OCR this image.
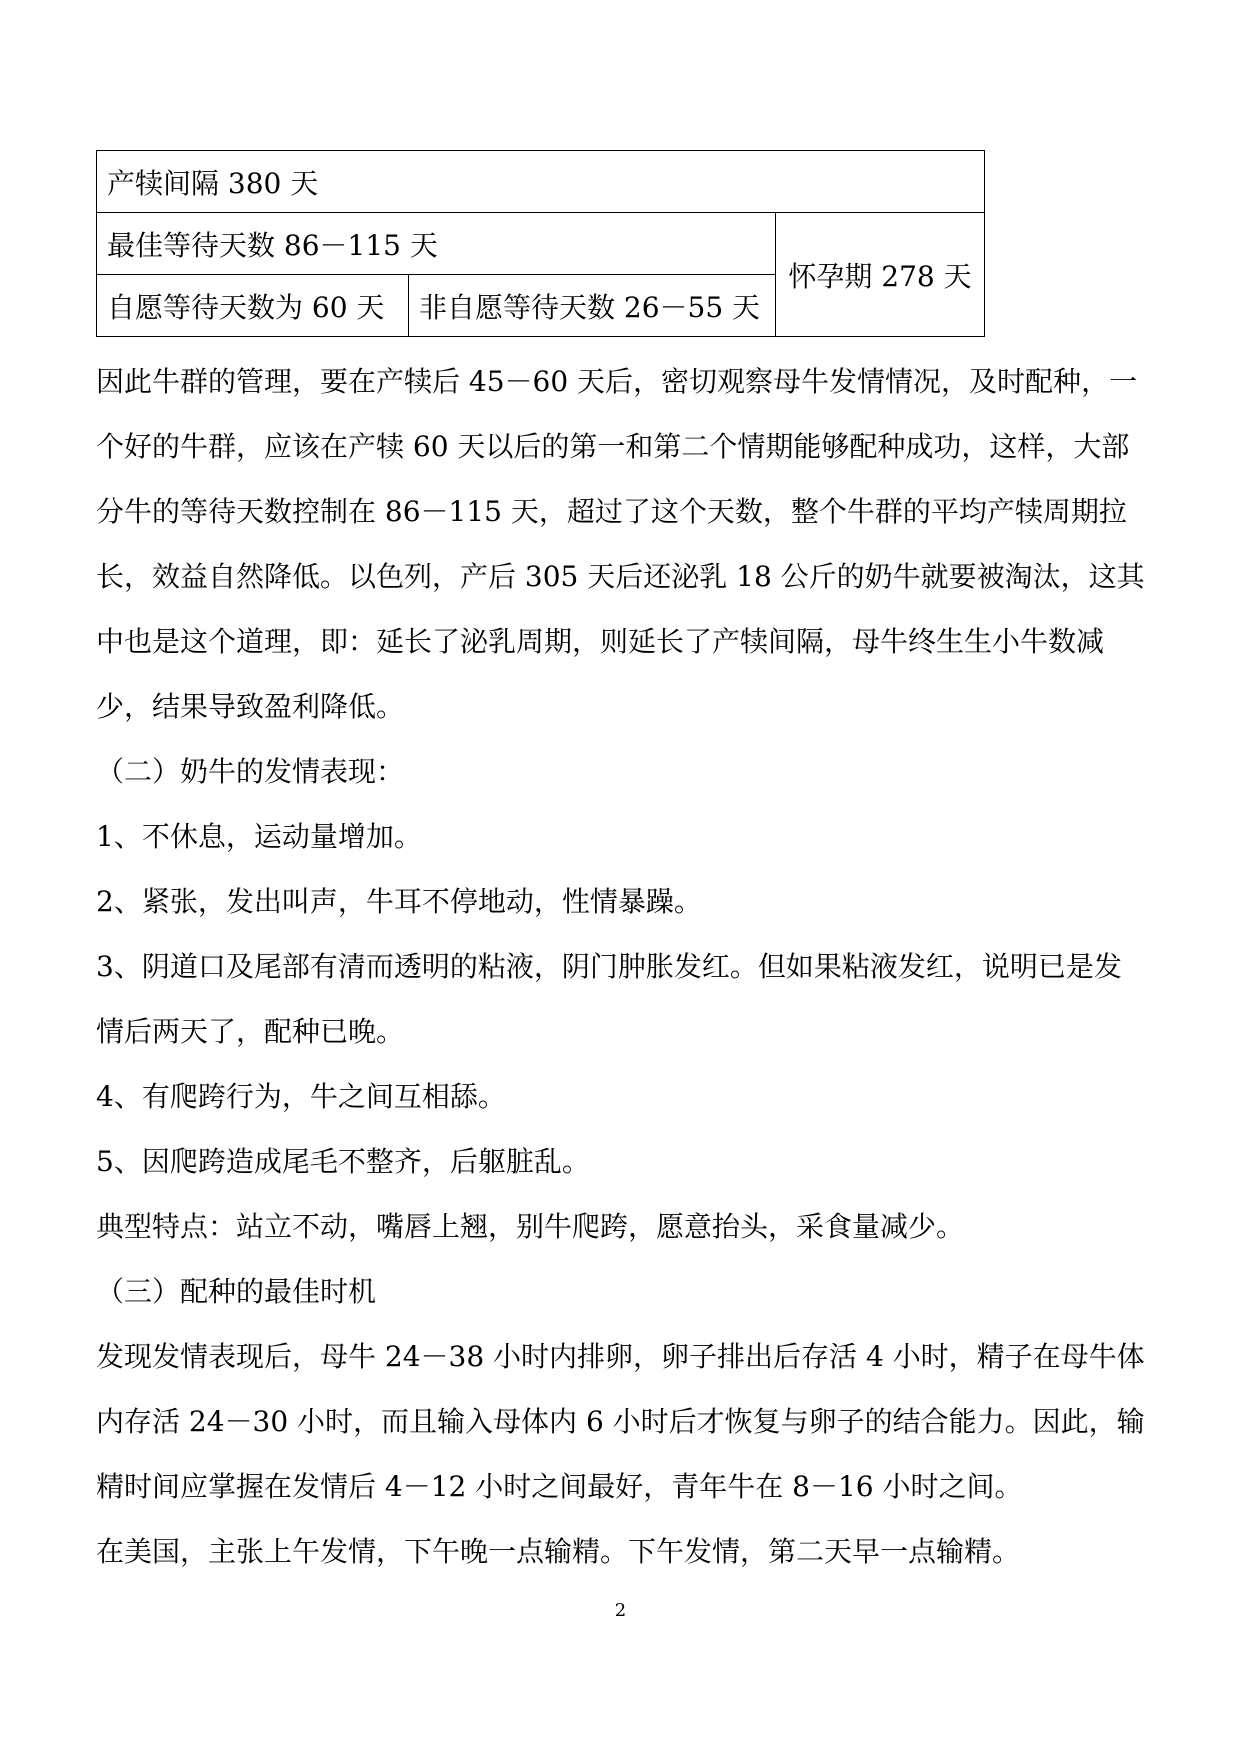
产犊间隔 380 天		
最佳等待天数 86－115 天		怀孕期 278 天
自愿等待天数为 60 天	非自愿等待天数 26－55 天	

因此牛群的管理，要在产犊后 45－60 天后，密切观察母牛发情情况，及时配种，一个好的牛群，应该在产犊 60 天以后的第一和第二个情期能够配种成功，这样，大部分牛的等待天数控制在 86－115 天，超过了这个天数，整个牛群的平均产犊周期拉长，效益自然降低。以色列，产后 305 天后还泌乳 18 公斤的奶牛就要被淘汰，这其中也是这个道理，即：延长了泌乳周期，则延长了产犊间隔，母牛终生生小牛数减少，结果导致盈利降低。

（二）奶牛的发情表现：

1、不休息，运动量增加。

2、紧张，发出叫声，牛耳不停地动，性情暴躁。

3、阴道口及尾部有清而透明的粘液，阴门肿胀发红。但如果粘液发红，说明已是发情后两天了，配种已晚。

4、有爬跨行为，牛之间互相舔。

5、因爬跨造成尾毛不整齐，后躯脏乱。

典型特点：站立不动，嘴唇上翘，别牛爬跨，愿意抬头，采食量减少。

（三）配种的最佳时机

发现发情表现后，母牛 24－38 小时内排卵，卵子排出后存活 4 小时，精子在母牛体内存活 24－30 小时，而且输入母体内 6 小时后才恢复与卵子的结合能力。因此，输精时间应掌握在发情后 4－12 小时之间最好，青年牛在 8－16 小时之间。

在美国，主张上午发情，下午晚一点输精。下午发情，第二天早一点输精。

2
